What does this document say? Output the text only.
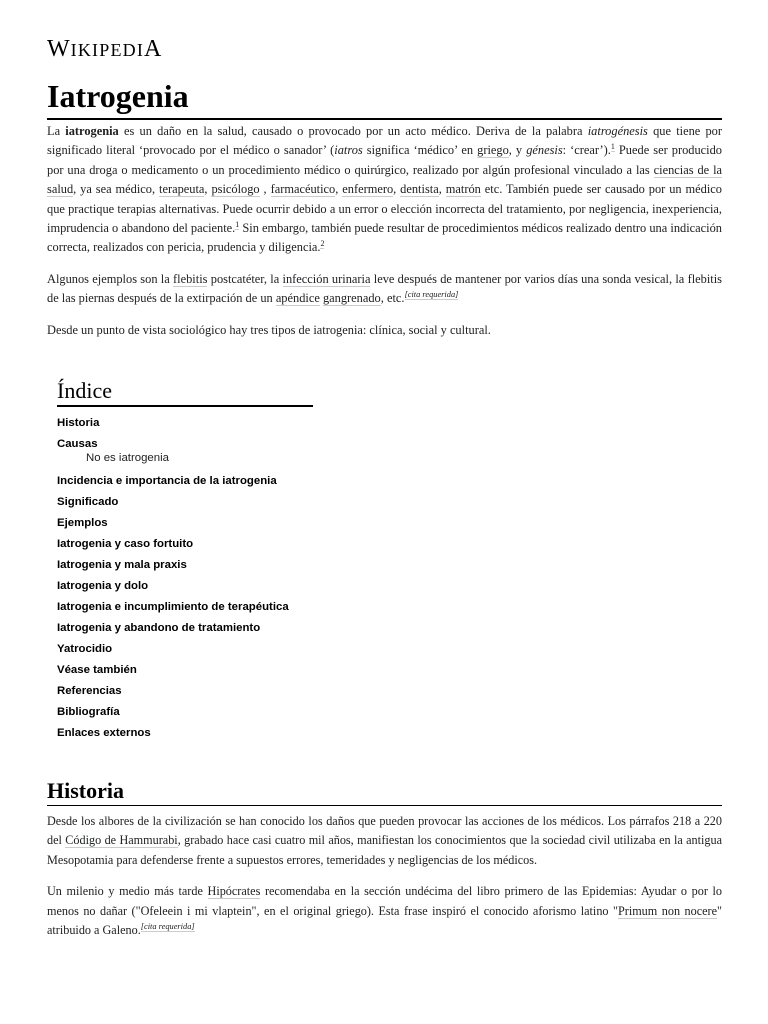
WIKIPEDIA
Iatrogenia

La iatrogenia es un daño en la salud, causado o provocado por un acto médico. Deriva de la palabra iatrogénesis que tiene por significado literal ‘provocado por el médico o sanador’ (iatros significa ‘médico’ en griego, y génesis: ‘crear’).$^1$ Puede ser producido por una droga o medicamento o un procedimiento médico o quirúrgico, realizado por algún profesional vinculado a las ciencias de la salud, ya sea médico, terapeuta, psicólogo , farmacéutico, enfermero, dentista, matrón etc. También puede ser causado por un médico que practique terapias alternativas. Puede ocurrir debido a un error o elección incorrecta del tratamiento, por negligencia, inexperiencia, imprudencia o abandono del paciente.$^1$ Sin embargo, también puede resultar de procedimientos médicos realizado dentro una indicación correcta, realizados con pericia, prudencia y diligencia.$^2$

Algunos ejemplos son la flebitis postcatéter, la infección urinaria leve después de mantener por varios días una sonda vesical, la flebitis de las piernas después de la extirpación de un apéndice gangrenado, etc.[cita requerida]

Desde un punto de vista sociológico hay tres tipos de iatrogenia: clínica, social y cultural.

Índice
Historia
Causas
No es iatrogenia
Incidencia e importancia de la iatrogenia
Significado
Ejemplos
Iatrogenia y caso fortuito
Iatrogenia y mala praxis
Iatrogenia y dolo
Iatrogenia e incumplimiento de terapéutica
Iatrogenia y abandono de tratamiento
Yatrocidio
Véase también
Referencias
Bibliografía
Enlaces externos
Historia

Desde los albores de la civilización se han conocido los daños que pueden provocar las acciones de los médicos. Los párrafos 218 a 220 del Código de Hammurabi, grabado hace casi cuatro mil años, manifiestan los conocimientos que la sociedad civil utilizaba en la antigua Mesopotamia para defenderse frente a supuestos errores, temeridades y negligencias de los médicos.

Un milenio y medio más tarde Hipócrates recomendaba en la sección undécima del libro primero de las Epidemias: Ayudar o por lo menos no dañar ("Ofeleein i mi vlaptein", en el original griego). Esta frase inspiró el conocido aforismo latino "Primum non nocere" atribuido a Galeno.[cita requerida]
